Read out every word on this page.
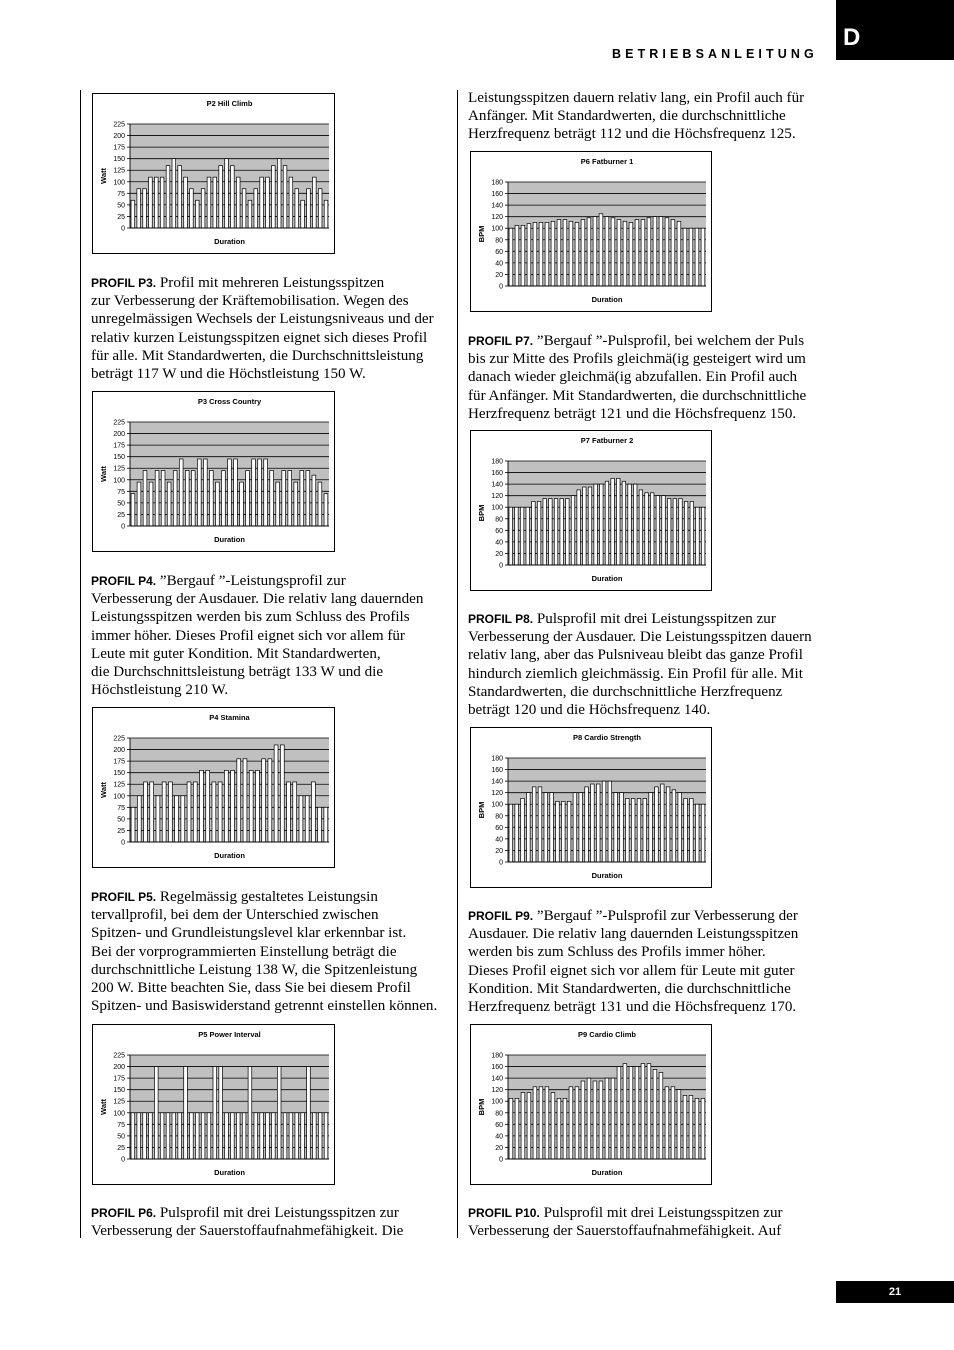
BETRIEBSANLEITUNG
D
21
P2 Hill Climb
0
25
50
75
100
125
150
175
200
225
Duration
Watt
P3 Cross Country
0
25
50
75
100
125
150
175
200
225
Duration
Watt
P4 Stamina
0
25
50
75
100
125
150
175
200
225
Duration
Watt
P5 Power Interval
0
25
50
75
100
125
150
175
200
225
Duration
Watt
P6 Fatburner 1
0
20
40
60
80
100
120
140
160
180
Duration
BPM
P7 Fatburner 2
0
20
40
60
80
100
120
140
160
180
Duration
BPM
P8 Cardio Strength
0
20
40
60
80
100
120
140
160
180
Duration
BPM
P9 Cardio Climb
0
20
40
60
80
100
120
140
160
180
Duration
BPM

PROFIL P3. Profil mit mehreren Leistungsspitzen
zur Verbesserung der Kräftemobilisation. Wegen des
unregelmässigen Wechsels der Leistungsniveaus und der
relativ kurzen Leistungsspitzen eignet sich dieses Profil
für alle. Mit Standardwerten, die Durchschnittsleistung
beträgt 117 W und die Höchstleistung 150 W.

PROFIL P4. ”Bergauf ”-Leistungsprofil zur
Verbesserung der Ausdauer. Die relativ lang dauernden
Leistungsspitzen werden bis zum Schluss des Profils
immer höher. Dieses Profil eignet sich vor allem für
Leute mit guter Kondition. Mit Standardwerten,
die Durchschnittsleistung beträgt 133 W und die
Höchstleistung 210 W.

PROFIL P5. Regelmässig gestaltetes Leistungsin
tervallprofil, bei dem der Unterschied zwischen
Spitzen- und Grundleistungslevel klar erkennbar ist.
Bei der vorprogrammierten Einstellung beträgt die
durchschnittliche Leistung 138 W, die Spitzenleistung
200 W. Bitte beachten Sie, dass Sie bei diesem Profil
Spitzen- und Basiswiderstand getrennt einstellen können.

PROFIL P6. Pulsprofil mit drei Leistungsspitzen zur
Verbesserung der Sauerstoffaufnahmefähigkeit. Die

Leistungsspitzen dauern relativ lang, ein Profil auch für
Anfänger. Mit Standardwerten, die durchschnittliche
Herzfrequenz beträgt 112 und die Höchsfrequenz 125.

PROFIL P7. ”Bergauf ”-Pulsprofil, bei welchem der Puls
bis zur Mitte des Profils gleichmä(ig gesteigert wird um
danach wieder gleichmä(ig abzufallen. Ein Profil auch
für Anfänger. Mit Standardwerten, die durchschnittliche
Herzfrequenz beträgt 121 und die Höchsfrequenz 150.

PROFIL P8. Pulsprofil mit drei Leistungsspitzen zur
Verbesserung der Ausdauer. Die Leistungsspitzen dauern
relativ lang, aber das Pulsniveau bleibt das ganze Profil
hindurch ziemlich gleichmässig. Ein Profil für alle. Mit
Standardwerten, die durchschnittliche Herzfrequenz
beträgt 120 und die Höchsfrequenz 140.

PROFIL P9. ”Bergauf ”-Pulsprofil zur Verbesserung der
Ausdauer. Die relativ lang dauernden Leistungsspitzen
werden bis zum Schluss des Profils immer höher.
Dieses Profil eignet sich vor allem für Leute mit guter
Kondition. Mit Standardwerten, die durchschnittliche
Herzfrequenz beträgt 131 und die Höchsfrequenz 170.

PROFIL P10. Pulsprofil mit drei Leistungsspitzen zur
Verbesserung der Sauerstoffaufnahmefähigkeit. Auf
